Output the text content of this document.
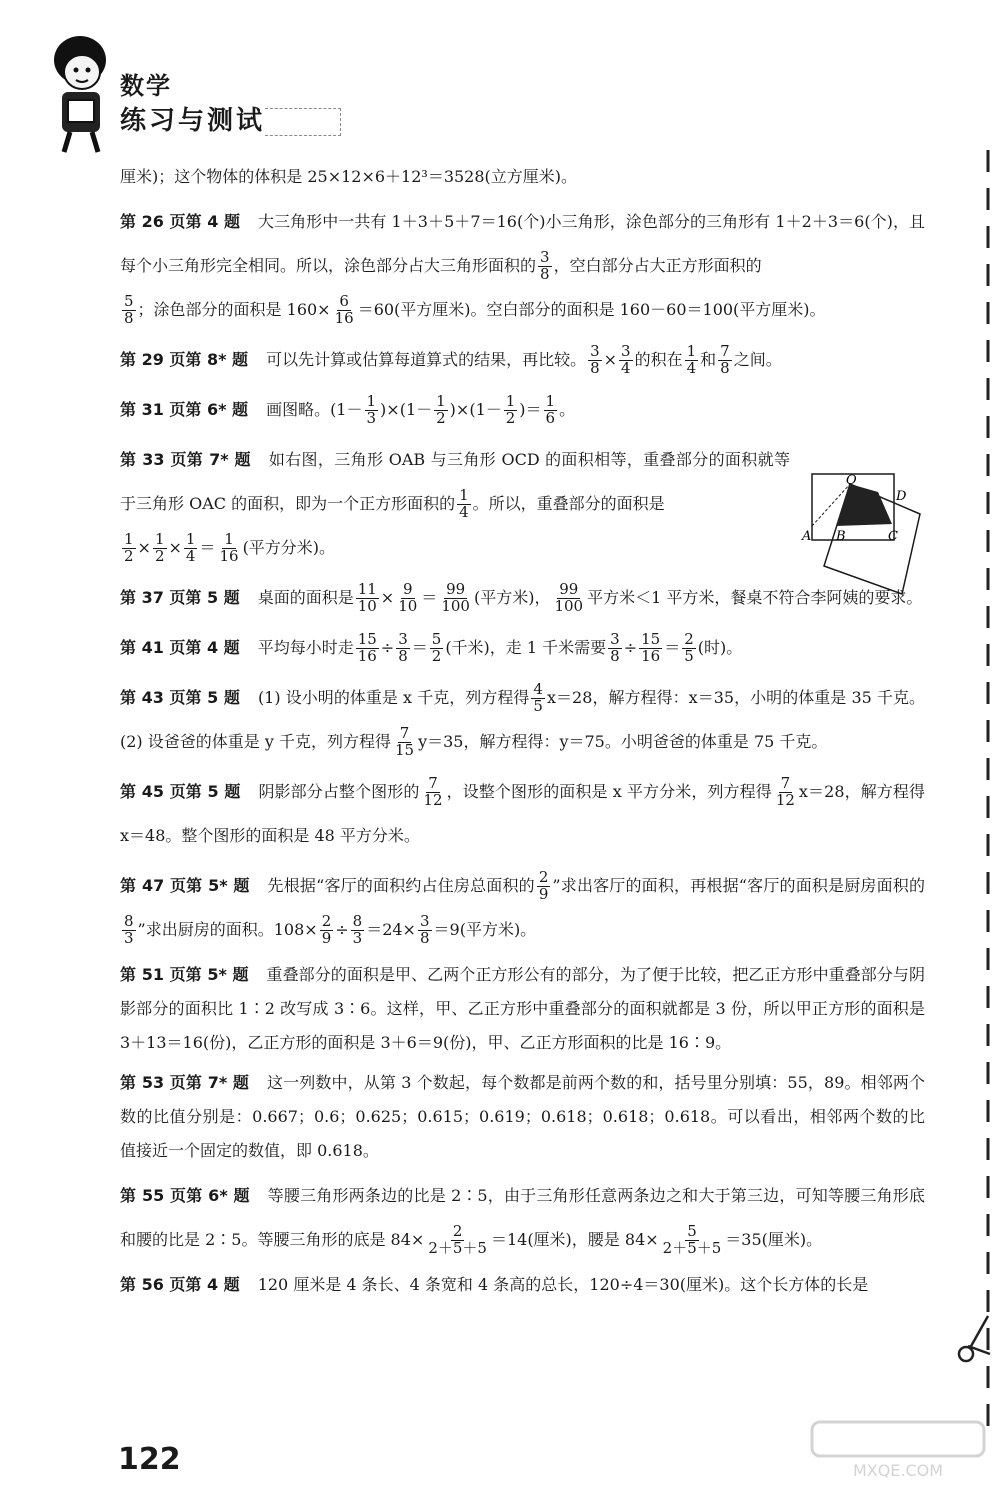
数学
练习与测试

厘米)；这个物体的体积是 25×12×6＋12³＝3528(立方厘米)。

第 26 页第 4 题 大三角形中一共有 1＋3＋5＋7＝16(个)小三角形，涂色部分的三角形有 1＋2＋3＝6(个)，且每个小三角形完全相同。所以，涂色部分占大三角形面积的 $\frac{3}{8}$ ，空白部分占大正方形面积的

$\frac{5}{8}$ ；涂色部分的面积是 $160\times \frac{6}{16} =60$(平方厘米)。空白部分的面积是 160－60＝100(平方厘米)。

第 29 页第 8* 题 可以先计算或估算每道算式的结果，再比较。 $\frac{3}{8} \times \frac{3}{4}$ 的积在 $\frac{1}{4}$ 和 $\frac{7}{8}$ 之间。

第 31 页第 6* 题 画图略。$(1- \frac{1}{3} )\times(1- \frac{1}{2} )\times(1- \frac{1}{2}$ )＝ $\frac{1}{6}$ 。

第 33 页第 7* 题 如右图，三角形 OAB 与三角形 OCD 的面积相等，重叠部分的面积就等于三角形 OAC 的面积，即为一个正方形面积的 $\frac{1}{4}$ 。所以，重叠部分的面积是

$\frac{1}{2} \times \frac{1}{2} \times \frac{1}{4} = \frac{1}{16}$ (平方分米)。

第 37 页第 5 题 桌面的面积是 $\frac{11}{10} \times \frac{9}{10} = \frac{99}{100}$ (平方米)， $\frac{99}{100}$ 平方米＜1 平方米，餐桌不符合李阿姨的要求。

第 41 页第 4 题 平均每小时走 $\frac{15}{16} \div \frac{3}{8} = \frac{5}{2}$ (千米)，走 1 千米需要 $\frac{3}{8} \div \frac{15}{16} = \frac{2}{5}$ (时)。

第 43 页第 5 题 (1) 设小明的体重是 x 千克，列方程得 $\frac{4}{5} x=28$，解方程得：x＝35，小明的体重是 35 千克。(2) 设爸爸的体重是 y 千克，列方程得 $\frac{7}{15} y=35$，解方程得：y＝75。小明爸爸的体重是 75 千克。

第 45 页第 5 题 阴影部分占整个图形的 $\frac{7}{12}$ ，设整个图形的面积是 x 平方分米，列方程得 $\frac{7}{12} x=28$，解方程得 x＝48。整个图形的面积是 48 平方分米。

第 47 页第 5* 题 先根据“客厅的面积约占住房总面积的 $\frac{2}{9}$ ”求出客厅的面积，再根据“客厅的面积是厨房面积的
$\frac{8}{3}$ ”求出厨房的面积。$108\times \frac{2}{9} \div \frac{8}{3} =24\times \frac{3}{8} =9$(平方米)。

第 51 页第 5* 题 重叠部分的面积是甲、乙两个正方形公有的部分，为了便于比较，把乙正方形中重叠部分与阴影部分的面积比 1∶2 改写成 3∶6。这样，甲、乙正方形中重叠部分的面积就都是 3 份，所以甲正方形的面积是 3＋13＝16(份)，乙正方形的面积是 3＋6＝9(份)，甲、乙正方形面积的比是 16∶9。

第 53 页第 7* 题 这一列数中，从第 3 个数起，每个数都是前两个数的和，括号里分别填：55，89。相邻两个数的比值分别是：0.667；0.6；0.625；0.615；0.619；0.618；0.618；0.618。可以看出，相邻两个数的比值接近一个固定的数值，即 0.618。

第 55 页第 6* 题 等腰三角形两条边的比是 2∶5，由于三角形任意两条边之和大于第三边，可知等腰三角形底和腰的比是 2∶5。等腰三角形的底是 $84\times \frac{2}{2+5+5} =14$(厘米)，腰是 $84\times \frac{5}{2+5+5} =35$(厘米)。

第 56 页第 4 题 120 厘米是 4 条长、4 条宽和 4 条高的总长，120÷4＝30(厘米)。这个长方体的长是

O
D
A B	C
122	MXQE.COM
